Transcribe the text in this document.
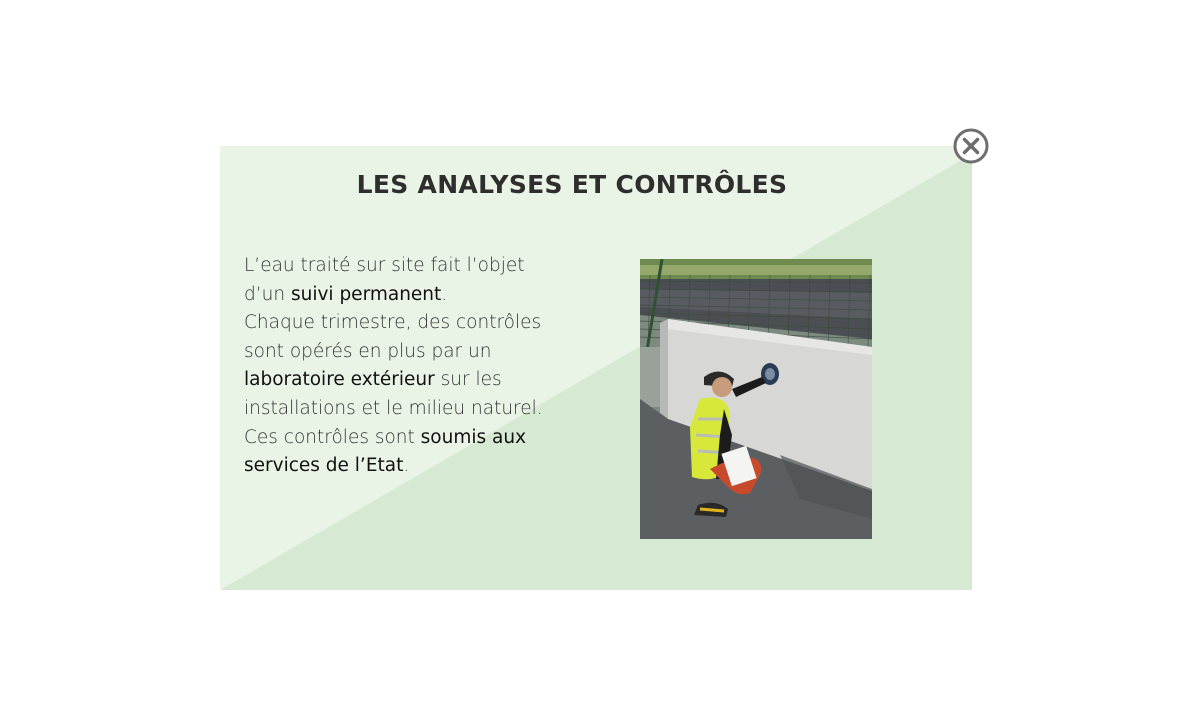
LES ANALYSES ET CONTRÔLES
L’eau traité sur site fait l’objet
d’un suivi permanent.
Chaque trimestre, des contrôles
sont opérés en plus par un
laboratoire extérieur sur les
installations et le milieu naturel.
Ces contrôles sont soumis aux
services de l’Etat.
